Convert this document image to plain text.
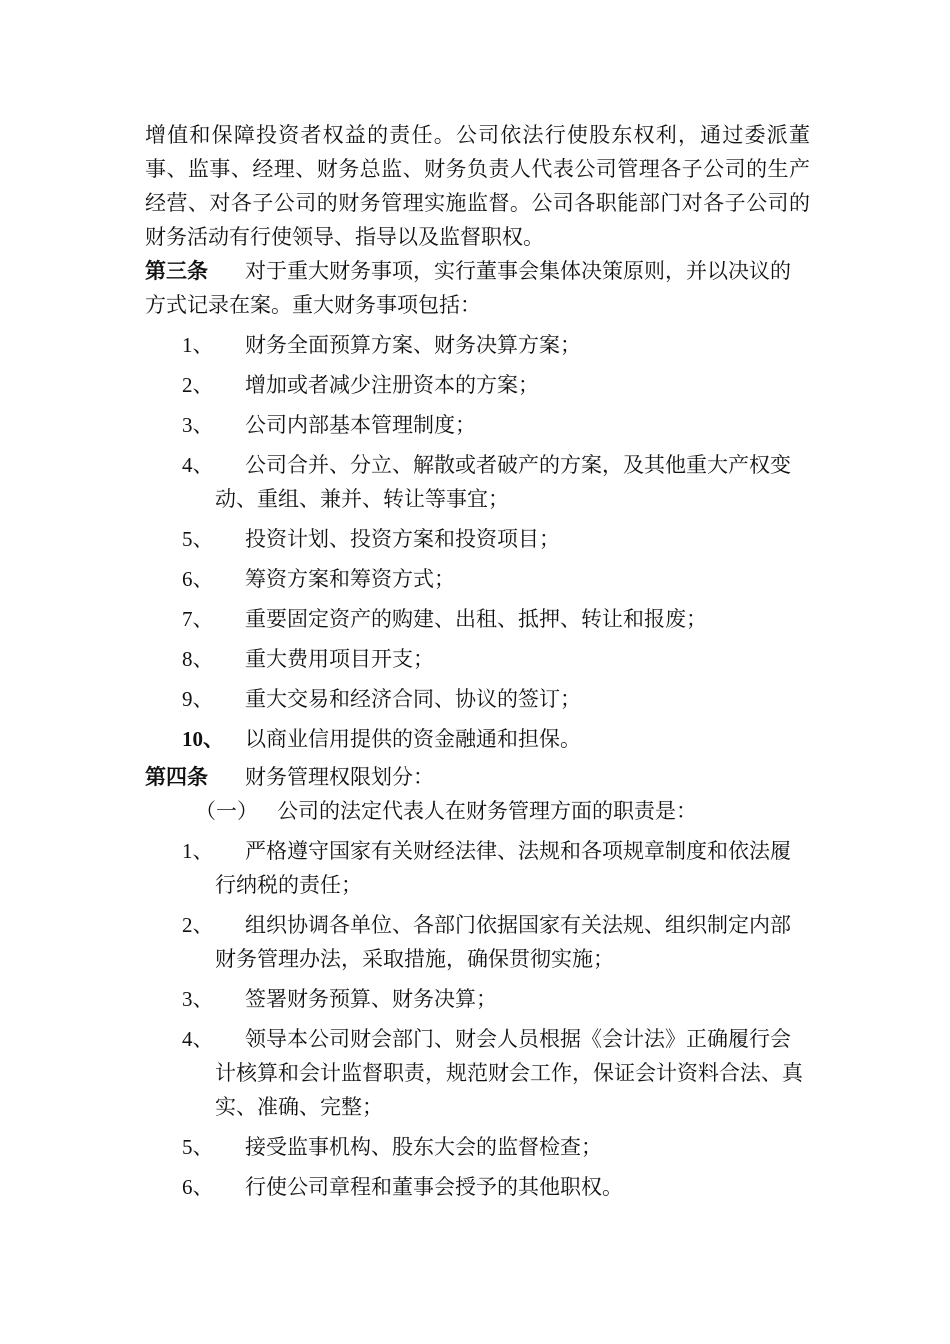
增值和保障投资者权益的责任。公司依法行使股东权利，通过委派董事、监事、经理、财务总监、财务负责人代表公司管理各子公司的生产经营、对各子公司的财务管理实施监督。公司各职能部门对各子公司的财务活动有行使领导、指导以及监督职权。

第三条 对于重大财务事项，实行董事会集体决策原则，并以决议的方式记录在案。重大财务事项包括：

1、 财务全面预算方案、财务决算方案；
2、 增加或者减少注册资本的方案；
3、 公司内部基本管理制度；
4、	公司合并、分立、解散或者破产的方案，及其他重大产权变动、重组、兼并、转让等事宜；
5、 投资计划、投资方案和投资项目；
6、 筹资方案和筹资方式；
7、 重要固定资产的购建、出租、抵押、转让和报废；
8、 重大费用项目开支；
9、 重大交易和经济合同、协议的签订；
10、 以商业信用提供的资金融通和担保。

第四条 财务管理权限划分：

（一） 公司的法定代表人在财务管理方面的职责是：

1、	严格遵守国家有关财经法律、法规和各项规章制度和依法履行纳税的责任；
2、	组织协调各单位、各部门依据国家有关法规、组织制定内部财务管理办法，采取措施，确保贯彻实施；
3、 签署财务预算、财务决算；
4、	领导本公司财会部门、财会人员根据《会计法》正确履行会计核算和会计监督职责，规范财会工作，保证会计资料合法、真实、准确、完整；
5、 接受监事机构、股东大会的监督检查；
6、 行使公司章程和董事会授予的其他职权。
